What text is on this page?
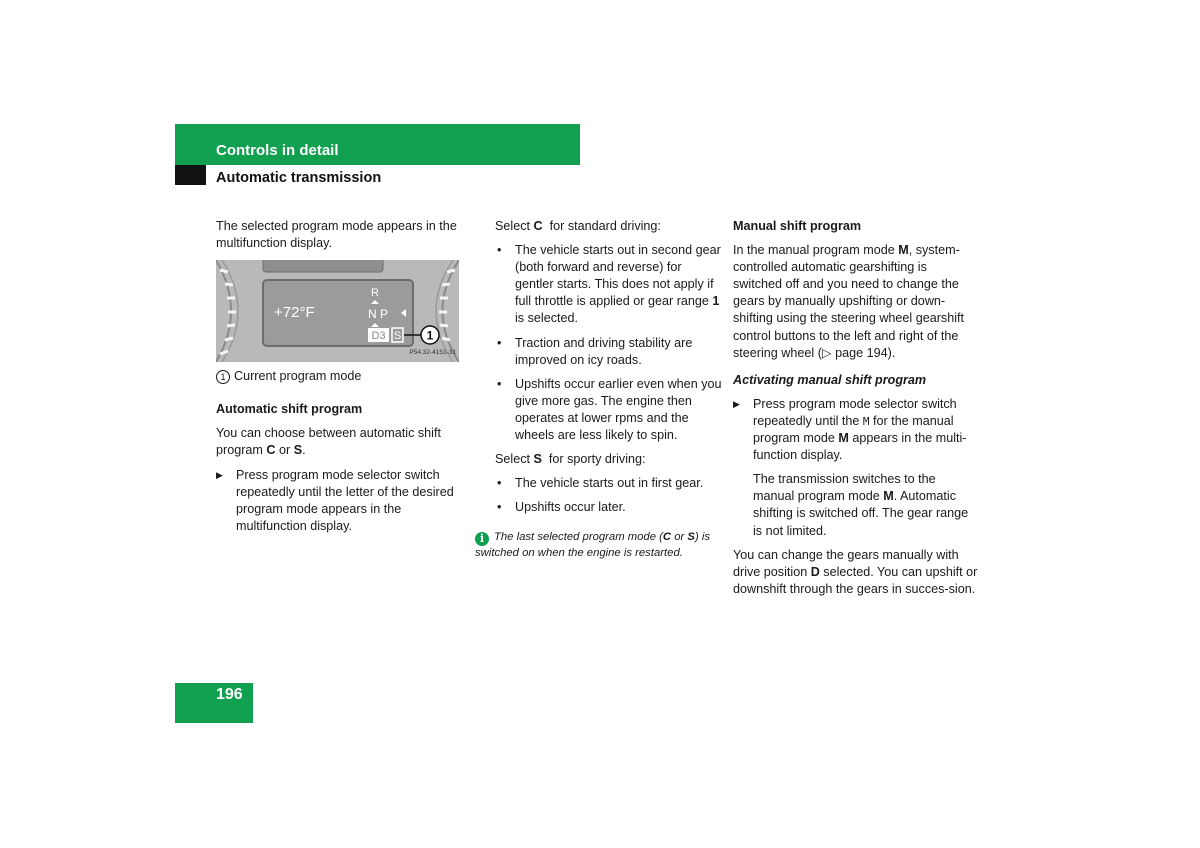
Controls in detail
Automatic transmission

The selected program mode appears in the multifunction display.

R
N P
D3 S 1
+72°F
P54.32-4151-31

1 Current program mode

Automatic shift program

You can choose between automatic shift program C or S.

▶ Press program mode selector switch repeatedly until the letter of the desired program mode appears in the multifunction display.

Select C  for standard driving:

• The vehicle starts out in second gear (both forward and reverse) for gentler starts. This does not apply if full throttle is applied or gear range 1 is selected.
• Traction and driving stability are improved on icy roads.
• Upshifts occur earlier even when you give more gas. The engine then operates at lower rpms and the wheels are less likely to spin.

Select S  for sporty driving:

• The vehicle starts out in first gear.
• Upshifts occur later.
i The last selected program mode (C or S) is switched on when the engine is restarted.

Manual shift program

In the manual program mode M, system-controlled automatic gearshifting is switched off and you need to change the gears by manually upshifting or down-shifting using the steering wheel gearshift control buttons to the left and right of the steering wheel (▷ page 194).

Activating manual shift program

▶ Press program mode selector switch repeatedly until the M for the manual program mode M appears in the multi-function display.

The transmission switches to the manual program mode M. Automatic shifting is switched off. The gear range is not limited.

You can change the gears manually with drive position D selected. You can upshift or downshift through the gears in succes-sion.

196
